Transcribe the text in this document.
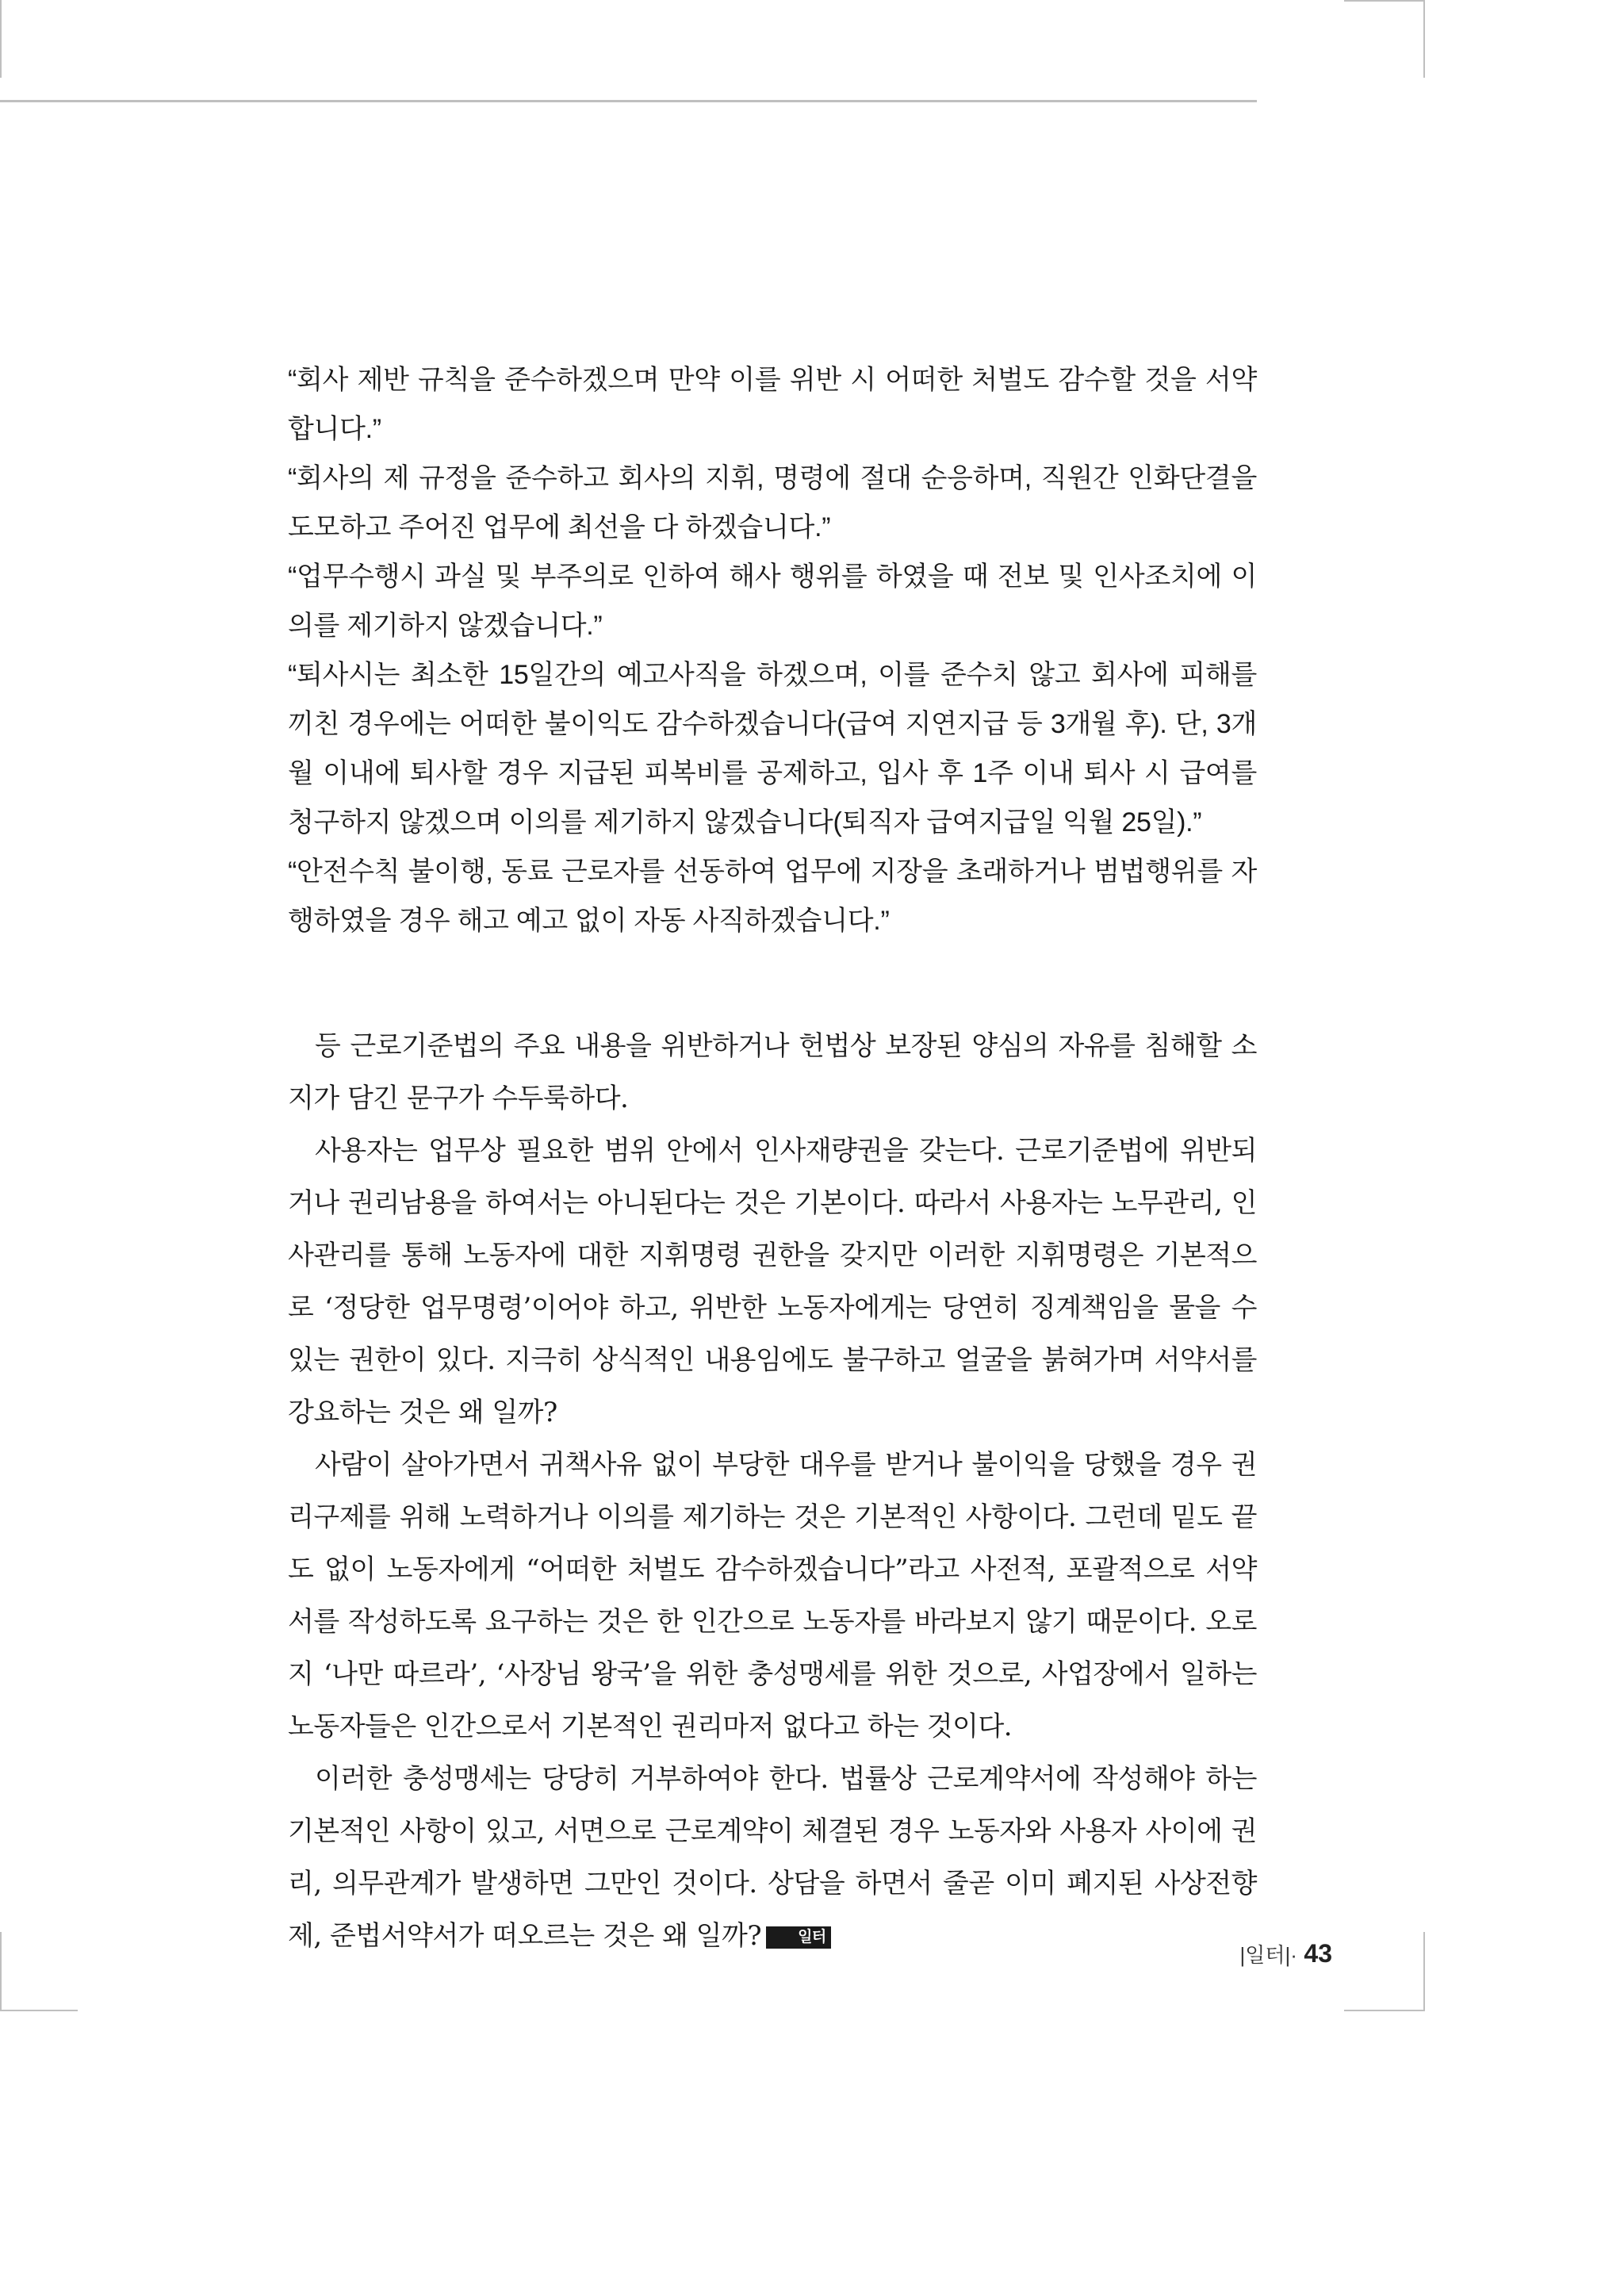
“회사 제반 규칙을 준수하겠으며 만약 이를 위반 시 어떠한 처벌도 감수할 것을 서약합니다.”

“회사의 제 규정을 준수하고 회사의 지휘, 명령에 절대 순응하며, 직원간 인화단결을 도모하고 주어진 업무에 최선을 다 하겠습니다.”

“업무수행시 과실 및 부주의로 인하여 해사 행위를 하였을 때 전보 및 인사조치에 이의를 제기하지 않겠습니다.”

“퇴사시는 최소한 15일간의 예고사직을 하겠으며, 이를 준수치 않고 회사에 피해를 끼친 경우에는 어떠한 불이익도 감수하겠습니다(급여 지연지급 등 3개월 후). 단, 3개월 이내에 퇴사할 경우 지급된 피복비를 공제하고, 입사 후 1주 이내 퇴사 시 급여를 청구하지 않겠으며 이의를 제기하지 않겠습니다(퇴직자 급여지급일 익월 25일).”

“안전수칙 불이행, 동료 근로자를 선동하여 업무에 지장을 초래하거나 범법행위를 자행하였을 경우 해고 예고 없이 자동 사직하겠습니다.”

등 근로기준법의 주요 내용을 위반하거나 헌법상 보장된 양심의 자유를 침해할 소지가 담긴 문구가 수두룩하다.

사용자는 업무상 필요한 범위 안에서 인사재량권을 갖는다. 근로기준법에 위반되거나 권리남용을 하여서는 아니된다는 것은 기본이다. 따라서 사용자는 노무관리, 인사관리를 통해 노동자에 대한 지휘명령 권한을 갖지만 이러한 지휘명령은 기본적으로 ‘정당한 업무명령’이어야 하고, 위반한 노동자에게는 당연히 징계책임을 물을 수 있는 권한이 있다. 지극히 상식적인 내용임에도 불구하고 얼굴을 붉혀가며 서약서를 강요하는 것은 왜 일까?

사람이 살아가면서 귀책사유 없이 부당한 대우를 받거나 불이익을 당했을 경우 권리구제를 위해 노력하거나 이의를 제기하는 것은 기본적인 사항이다. 그런데 밑도 끝도 없이 노동자에게 “어떠한 처벌도 감수하겠습니다”라고 사전적, 포괄적으로 서약서를 작성하도록 요구하는 것은 한 인간으로 노동자를 바라보지 않기 때문이다. 오로지 ‘나만 따르라’, ‘사장님 왕국’을 위한 충성맹세를 위한 것으로, 사업장에서 일하는 노동자들은 인간으로서 기본적인 권리마저 없다고 하는 것이다.

이러한 충성맹세는 당당히 거부하여야 한다. 법률상 근로계약서에 작성해야 하는 기본적인 사항이 있고, 서면으로 근로계약이 체결된 경우 노동자와 사용자 사이에 권리, 의무관계가 발생하면 그만인 것이다. 상담을 하면서 줄곧 이미 폐지된 사상전향제, 준법서약서가 떠오르는 것은 왜 일까? 일터

|일터|· 43
